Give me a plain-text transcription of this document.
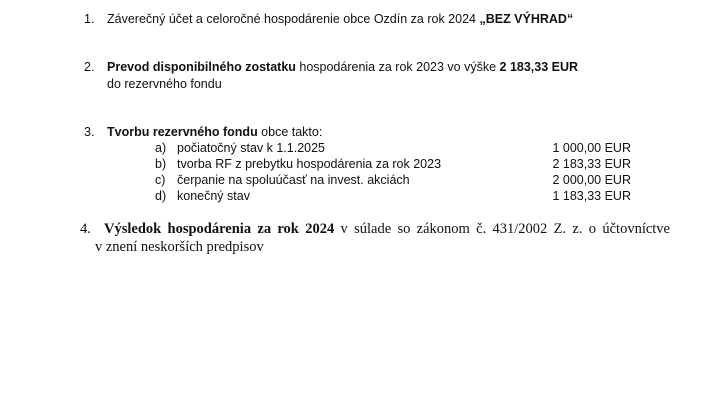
1. Záverečný účet a celoročné hospodárenie obce Ozdín za rok 2024 „BEZ VÝHRAD“
2. Prevod disponibilného zostatku hospodárenia za rok 2023 vo výške 2 183,33 EUR
do rezervného fondu
3. Tvorbu rezervného fondu obce takto:
a) počiatočný stav k 1.1.2025	1 000,00 EUR
b) tvorba RF z prebytku hospodárenia za rok 2023	2 183,33 EUR
c) čerpanie na spoluúčasť na invest. akciách	2 000,00 EUR
d) konečný stav	1 183,33 EUR
4. Výsledok hospodárenia za rok 2024 v súlade so zákonom č. 431/2002 Z. z. o účtovníctve
v znení neskorších predpisov
